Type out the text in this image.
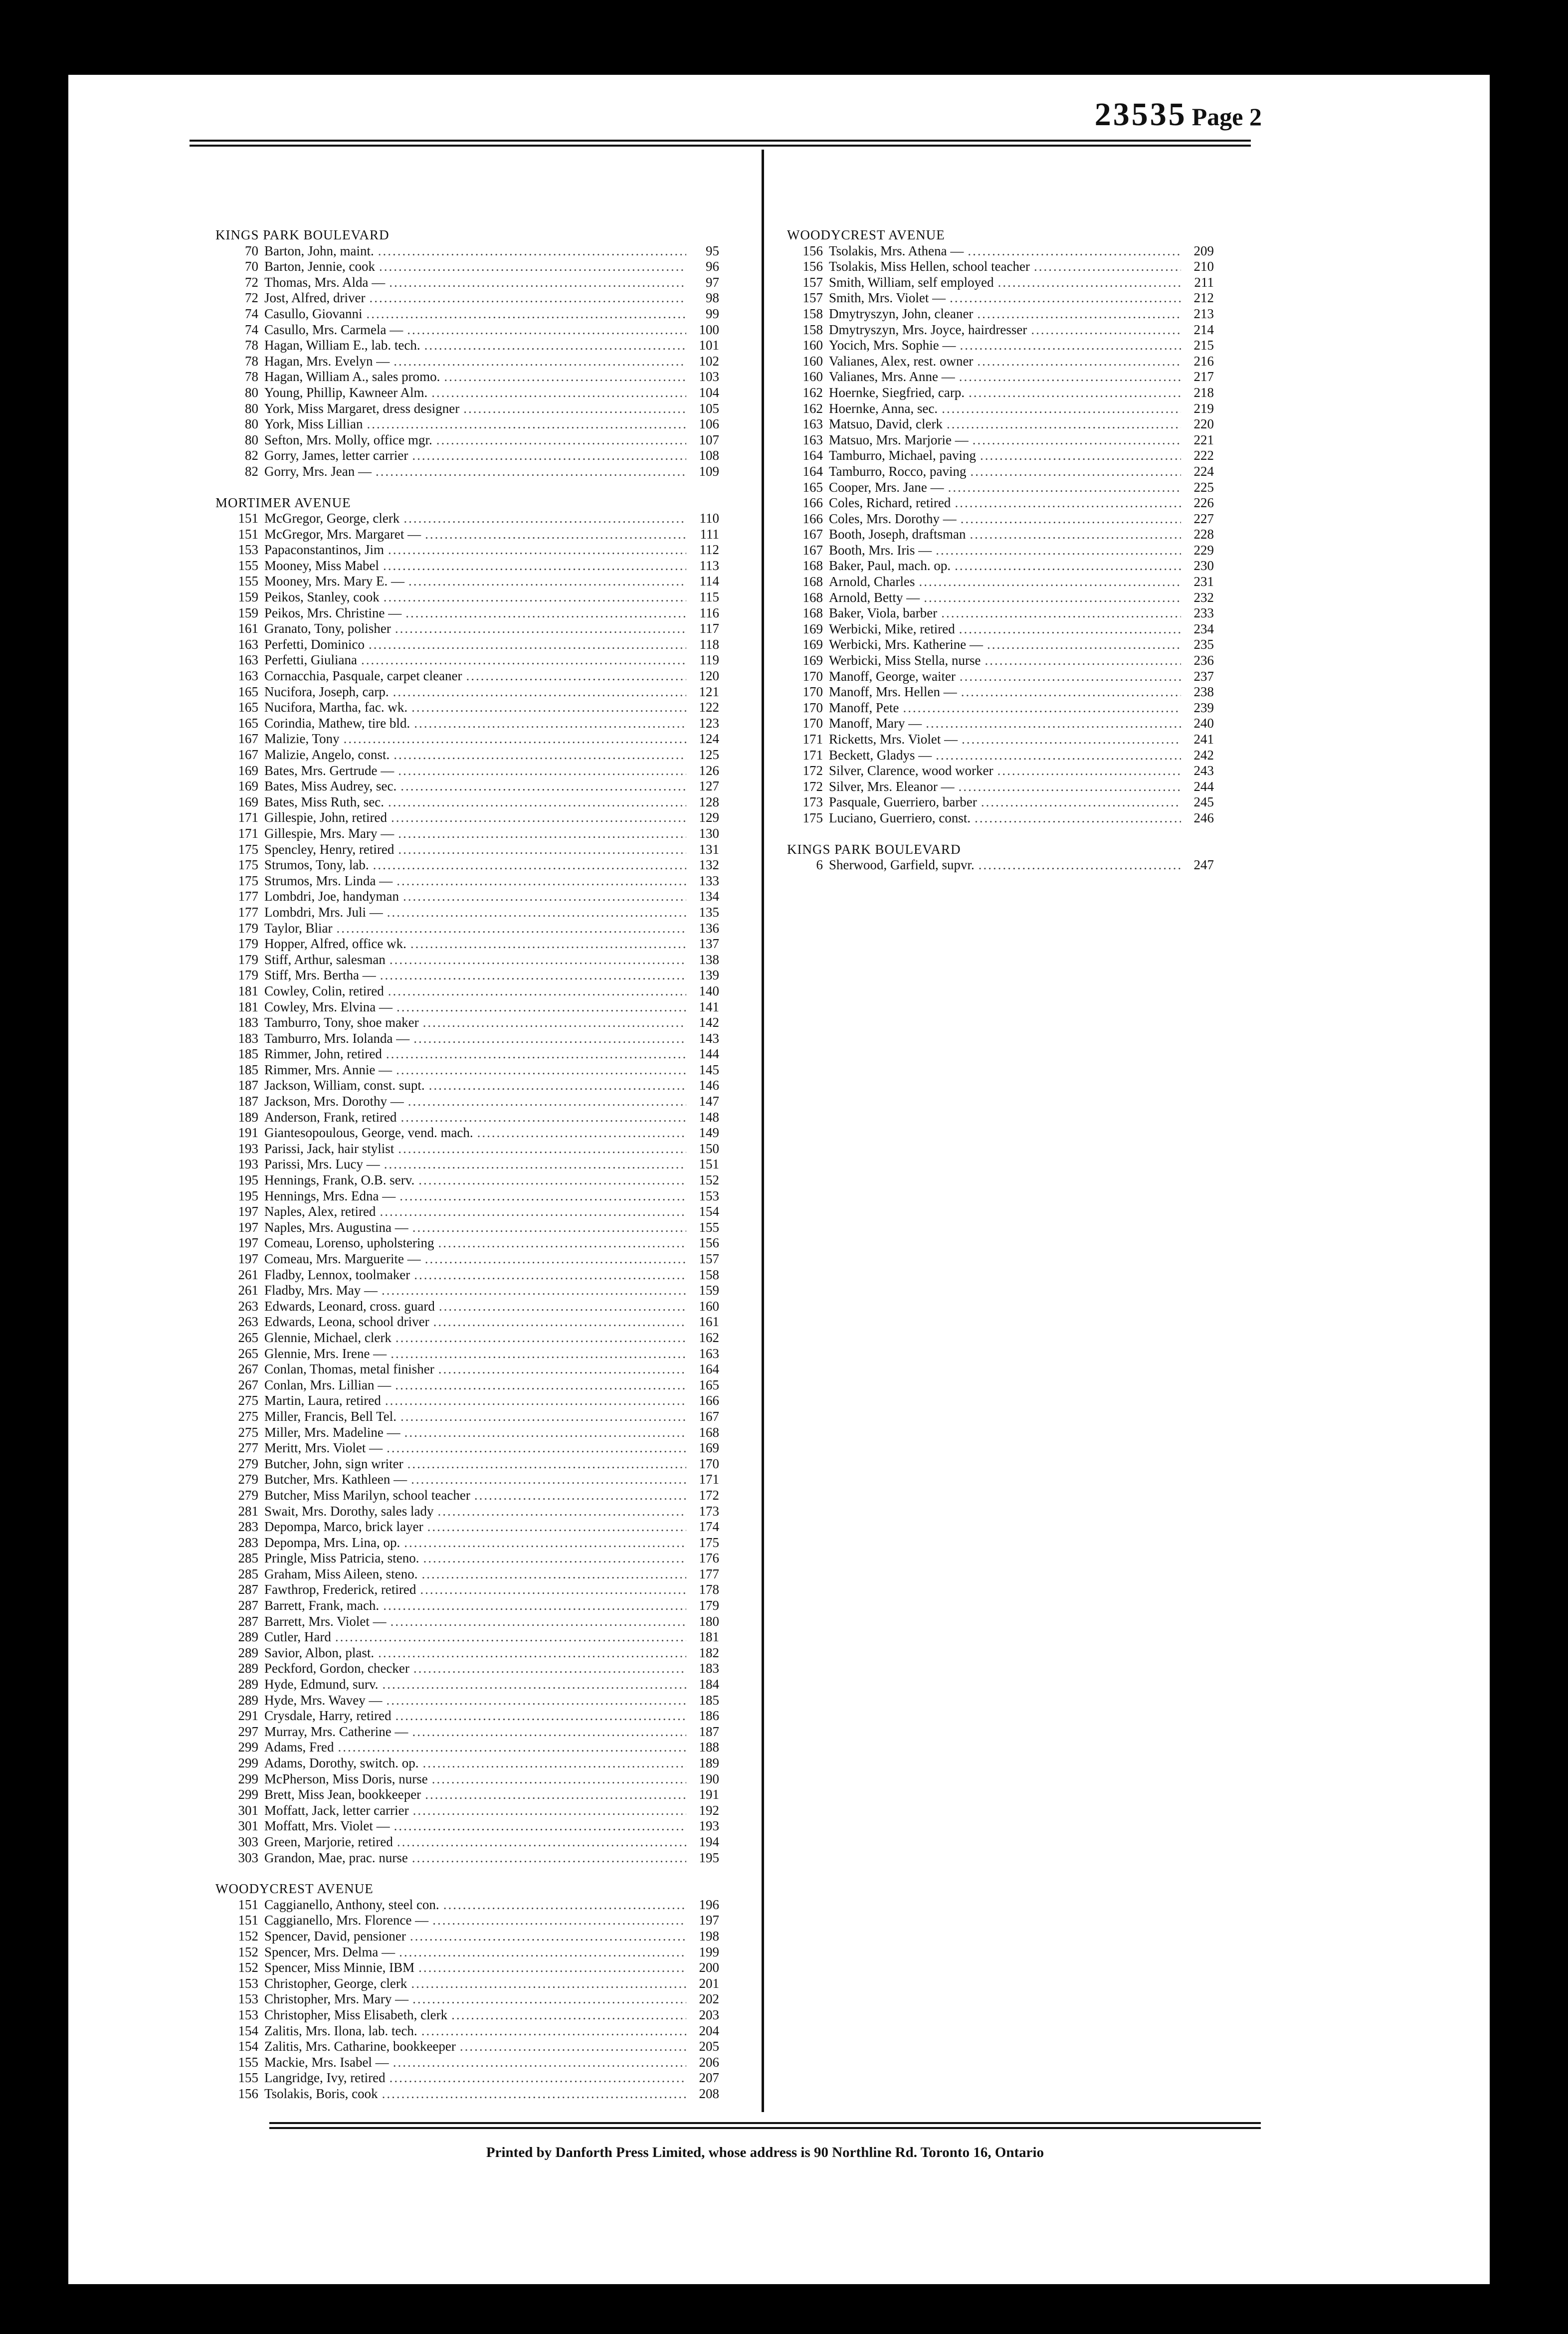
23535 Page 2
KINGS PARK BOULEVARD
70 Barton, John, maint. .....	95
70 Barton, Jennie, cook .....	96
72 Thomas, Mrs. Alda — .....	97
72 Jost, Alfred, driver .....	98
74 Casullo, Giovanni .....	99
74 Casullo, Mrs. Carmela — .....	100
78 Hagan, William E., lab. tech. .....	101
78 Hagan, Mrs. Evelyn — .....	102
78 Hagan, William A., sales promo. .....	103
80 Young, Phillip, Kawneer Alm. .....	104
80 York, Miss Margaret, dress designer .....	105
80 York, Miss Lillian .....	106
80 Sefton, Mrs. Molly, office mgr. .....	107
82 Gorry, James, letter carrier .....	108
82 Gorry, Mrs. Jean — .....	109
MORTIMER AVENUE
151 McGregor, George, clerk .....	110
151 McGregor, Mrs. Margaret — .....	111
153 Papaconstantinos, Jim .....	112
155 Mooney, Miss Mabel .....	113
155 Mooney, Mrs. Mary E. — .....	114
159 Peikos, Stanley, cook .....	115
159 Peikos, Mrs. Christine — .....	116
161 Granato, Tony, polisher .....	117
163 Perfetti, Dominico .....	118
163 Perfetti, Giuliana .....	119
163 Cornacchia, Pasquale, carpet cleaner .....	120
165 Nucifora, Joseph, carp. .....	121
165 Nucifora, Martha, fac. wk. .....	122
165 Corindia, Mathew, tire bld. .....	123
167 Malizie, Tony .....	124
167 Malizie, Angelo, const. .....	125
169 Bates, Mrs. Gertrude — .....	126
169 Bates, Miss Audrey, sec. .....	127
169 Bates, Miss Ruth, sec. .....	128
171 Gillespie, John, retired .....	129
171 Gillespie, Mrs. Mary — .....	130
175 Spencley, Henry, retired .....	131
175 Strumos, Tony, lab. .....	132
175 Strumos, Mrs. Linda — .....	133
177 Lombdri, Joe, handyman .....	134
177 Lombdri, Mrs. Juli — .....	135
179 Taylor, Bliar .....	136
179 Hopper, Alfred, office wk. .....	137
179 Stiff, Arthur, salesman .....	138
179 Stiff, Mrs. Bertha — .....	139
181 Cowley, Colin, retired .....	140
181 Cowley, Mrs. Elvina — .....	141
183 Tamburro, Tony, shoe maker .....	142
183 Tamburro, Mrs. Iolanda — .....	143
185 Rimmer, John, retired .....	144
185 Rimmer, Mrs. Annie — .....	145
187 Jackson, William, const. supt. .....	146
187 Jackson, Mrs. Dorothy — .....	147
189 Anderson, Frank, retired .....	148
191 Giantesopoulous, George, vend. mach. .....	149
193 Parissi, Jack, hair stylist .....	150
193 Parissi, Mrs. Lucy — .....	151
195 Hennings, Frank, O.B. serv. .....	152
195 Hennings, Mrs. Edna — .....	153
197 Naples, Alex, retired .....	154
197 Naples, Mrs. Augustina — .....	155
197 Comeau, Lorenso, upholstering .....	156
197 Comeau, Mrs. Marguerite — .....	157
261 Fladby, Lennox, toolmaker .....	158
261 Fladby, Mrs. May — .....	159
263 Edwards, Leonard, cross. guard .....	160
263 Edwards, Leona, school driver .....	161
265 Glennie, Michael, clerk .....	162
265 Glennie, Mrs. Irene — .....	163
267 Conlan, Thomas, metal finisher .....	164
267 Conlan, Mrs. Lillian — .....	165
275 Martin, Laura, retired .....	166
275 Miller, Francis, Bell Tel. .....	167
275 Miller, Mrs. Madeline — .....	168
277 Meritt, Mrs. Violet — .....	169
279 Butcher, John, sign writer .....	170
279 Butcher, Mrs. Kathleen — .....	171
279 Butcher, Miss Marilyn, school teacher .....	172
281 Swait, Mrs. Dorothy, sales lady .....	173
283 Depompa, Marco, brick layer .....	174
283 Depompa, Mrs. Lina, op. .....	175
285 Pringle, Miss Patricia, steno. .....	176
285 Graham, Miss Aileen, steno. .....	177
287 Fawthrop, Frederick, retired .....	178
287 Barrett, Frank, mach. .....	179
287 Barrett, Mrs. Violet — .....	180
289 Cutler, Hard .....	181
289 Savior, Albon, plast. .....	182
289 Peckford, Gordon, checker .....	183
289 Hyde, Edmund, surv. .....	184
289 Hyde, Mrs. Wavey — .....	185
291 Crysdale, Harry, retired .....	186
297 Murray, Mrs. Catherine — .....	187
299 Adams, Fred .....	188
299 Adams, Dorothy, switch. op. .....	189
299 McPherson, Miss Doris, nurse .....	190
299 Brett, Miss Jean, bookkeeper .....	191
301 Moffatt, Jack, letter carrier .....	192
301 Moffatt, Mrs. Violet — .....	193
303 Green, Marjorie, retired .....	194
303 Grandon, Mae, prac. nurse .....	195
WOODYCREST AVENUE
151 Caggianello, Anthony, steel con. .....	196
151 Caggianello, Mrs. Florence — .....	197
152 Spencer, David, pensioner .....	198
152 Spencer, Mrs. Delma — .....	199
152 Spencer, Miss Minnie, IBM .....	200
153 Christopher, George, clerk .....	201
153 Christopher, Mrs. Mary — .....	202
153 Christopher, Miss Elisabeth, clerk .....	203
154 Zalitis, Mrs. Ilona, lab. tech. .....	204
154 Zalitis, Mrs. Catharine, bookkeeper .....	205
155 Mackie, Mrs. Isabel — .....	206
155 Langridge, Ivy, retired .....	207
156 Tsolakis, Boris, cook .....	208
WOODYCREST AVENUE
156 Tsolakis, Mrs. Athena — .....	209
156 Tsolakis, Miss Hellen, school teacher .....	210
157 Smith, William, self employed .....	211
157 Smith, Mrs. Violet — .....	212
158 Dmytryszyn, John, cleaner .....	213
158 Dmytryszyn, Mrs. Joyce, hairdresser .....	214
160 Yocich, Mrs. Sophie — .....	215
160 Valianes, Alex, rest. owner .....	216
160 Valianes, Mrs. Anne — .....	217
162 Hoernke, Siegfried, carp. .....	218
162 Hoernke, Anna, sec. .....	219
163 Matsuo, David, clerk .....	220
163 Matsuo, Mrs. Marjorie — .....	221
164 Tamburro, Michael, paving .....	222
164 Tamburro, Rocco, paving .....	224
165 Cooper, Mrs. Jane — .....	225
166 Coles, Richard, retired .....	226
166 Coles, Mrs. Dorothy — .....	227
167 Booth, Joseph, draftsman .....	228
167 Booth, Mrs. Iris — .....	229
168 Baker, Paul, mach. op. .....	230
168 Arnold, Charles .....	231
168 Arnold, Betty — .....	232
168 Baker, Viola, barber .....	233
169 Werbicki, Mike, retired .....	234
169 Werbicki, Mrs. Katherine — .....	235
169 Werbicki, Miss Stella, nurse .....	236
170 Manoff, George, waiter .....	237
170 Manoff, Mrs. Hellen — .....	238
170 Manoff, Pete .....	239
170 Manoff, Mary — .....	240
171 Ricketts, Mrs. Violet — .....	241
171 Beckett, Gladys — .....	242
172 Silver, Clarence, wood worker .....	243
172 Silver, Mrs. Eleanor — .....	244
173 Pasquale, Guerriero, barber .....	245
175 Luciano, Guerriero, const. .....	246
KINGS PARK BOULEVARD
6 Sherwood, Garfield, supvr. .....	247
Printed by Danforth Press Limited, whose address is 90 Northline Rd. Toronto 16, Ontario
